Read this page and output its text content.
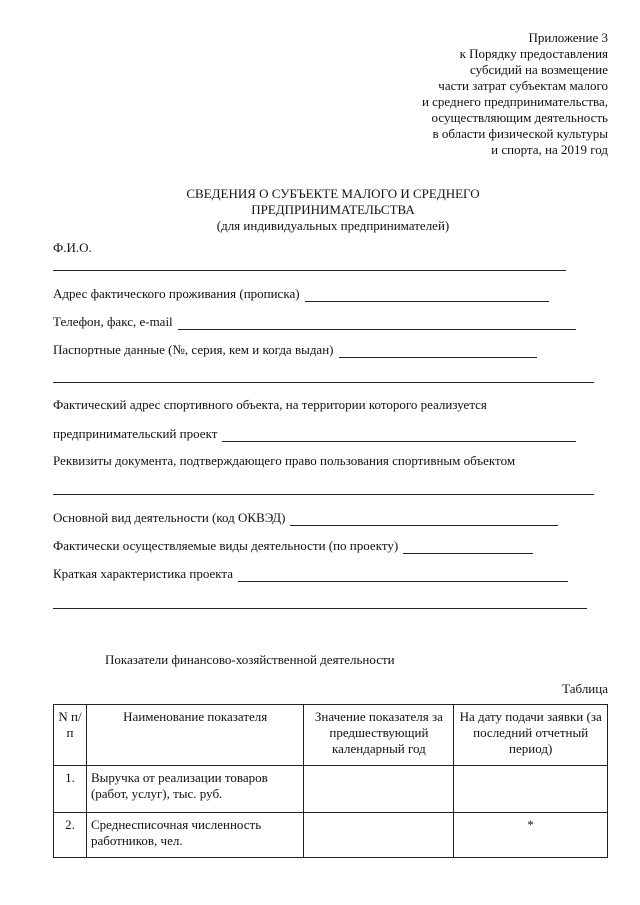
Приложение 3
к Порядку предоставления
субсидий на возмещение
части затрат субъектам малого
и среднего предпринимательства,
осуществляющим деятельность
в области физической культуры
и спорта, на 2019 год
СВЕДЕНИЯ О СУБЪЕКТЕ МАЛОГО И СРЕДНЕГО
ПРЕДПРИНИМАТЕЛЬСТВА
(для индивидуальных предпринимателей)
Ф.И.О.
Адрес фактического проживания (прописка)
Телефон, факс, e-mail
Паспортные данные (№, серия, кем и когда выдан)
Фактический адрес спортивного объекта, на территории которого реализуется
предпринимательский проект
Реквизиты документа, подтверждающего право пользования спортивным объектом
Основной вид деятельности (код ОКВЭД)
Фактически осуществляемые виды деятельности (по проекту)
Краткая характеристика проекта
Показатели финансово-хозяйственной деятельности
Таблица
N п/п	Наименование показателя	Значение показателя за предшествующий календарный год	На дату подачи заявки (за последний отчетный период)
1.	Выручка от реализации товаров (работ, услуг), тыс. руб.		
2.	Среднесписочная численность работников, чел.		*
